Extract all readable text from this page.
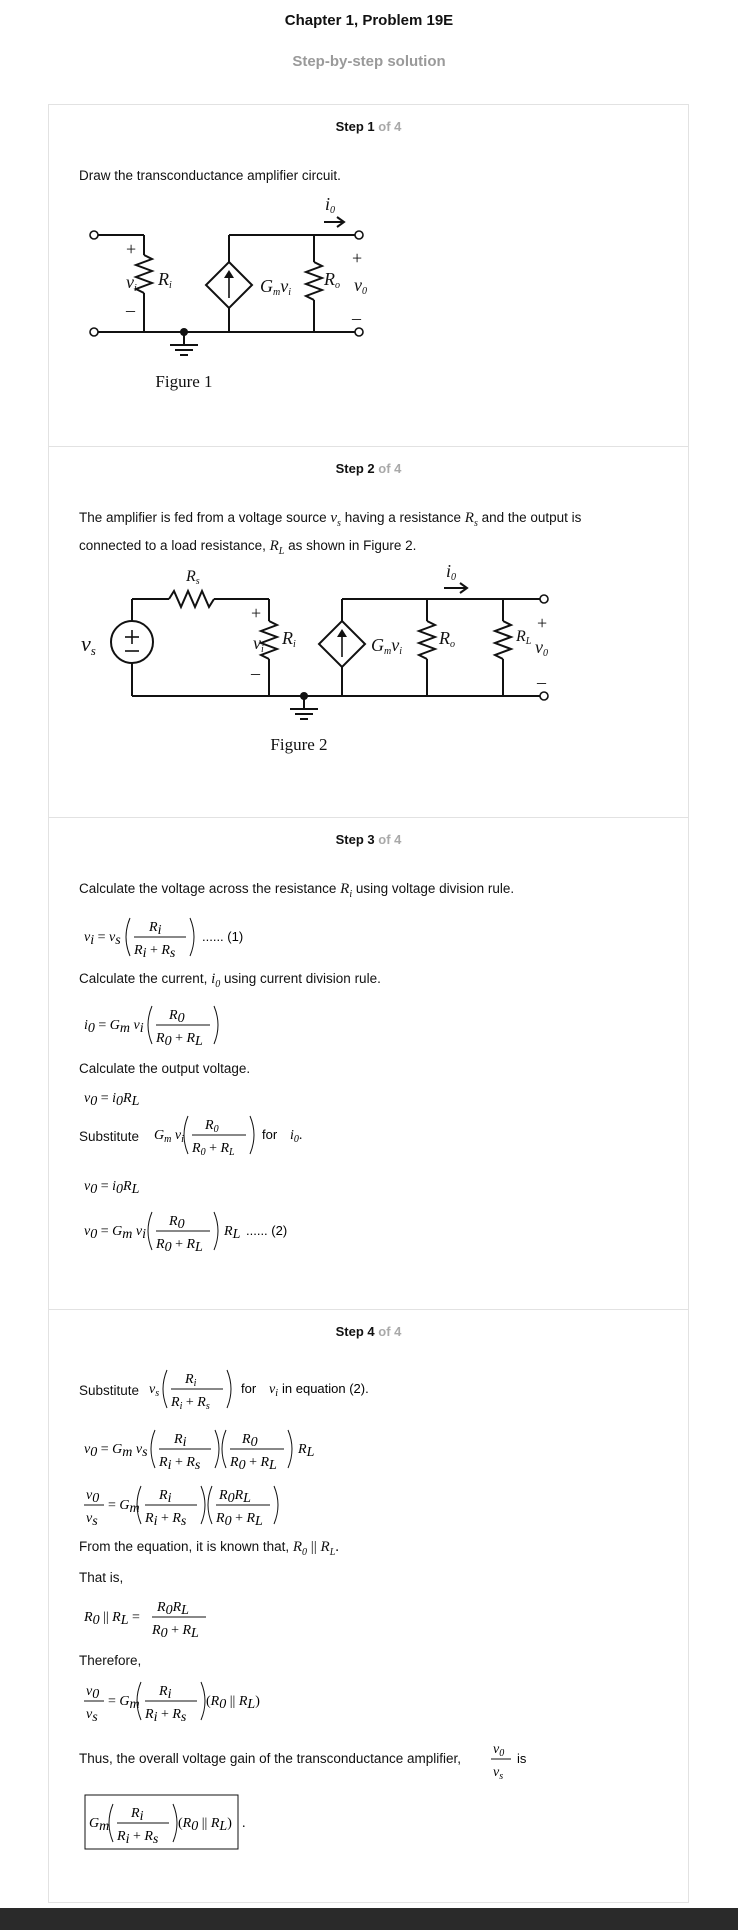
Chapter 1, Problem 19E
Step-by-step solution
Step 1 of 4
Draw the transconductance amplifier circuit.
+
–
vi Ri	Gmvi
Ro
i0
+
v0
–
Figure 1
Step 2 of 4
The amplifier is fed from a voltage source $v_s$ having a resistance $R_s$ and the output is
connected to a load resistance, $R_L$ as shown in Figure 2.
vs
Rs
+
vi
–
Ri	Gmvi
Ro	RL
i0
+
v0
–
Figure 2
Step 3 of 4
Calculate the voltage across the resistance $R_i$ using voltage division rule.
vi = vs
Ri
Ri + Rs
...... (1)
Calculate the current, $i_0$ using current division rule.
i0 = Gm vi
R0
R0 + RL
Calculate the output voltage.
v0 = i0RL
Substitute $G_m$ $v_i$
$R_0$
$R_0 + R_L$
for $i_0$.
v0 = i0RL
v0 = Gm vi
R0
R0 + RL
RL ...... (2)
Step 4 of 4
Substitute $v_s$
$R_i$
$R_i + R_s$
for $v_i$ in equation (2).
v0 = Gm vs
Ri
Ri + Rs
R0
R0 + RL
RL
v0
vs
= Gm
Ri
Ri + Rs
R0RL
R0 + RL
From the equation, it is known that, $R_0$ || $R_L$.
That is,
R0 || RL =
R0RL
R0 + RL
Therefore,
v0
vs
= Gm
Ri
Ri + Rs
(R0 || RL)
Thus, the overall voltage gain of the transconductance amplifier,
$v_0$
$v_s$
is
Gm
Ri
Ri + Rs
(R0 || RL) .
